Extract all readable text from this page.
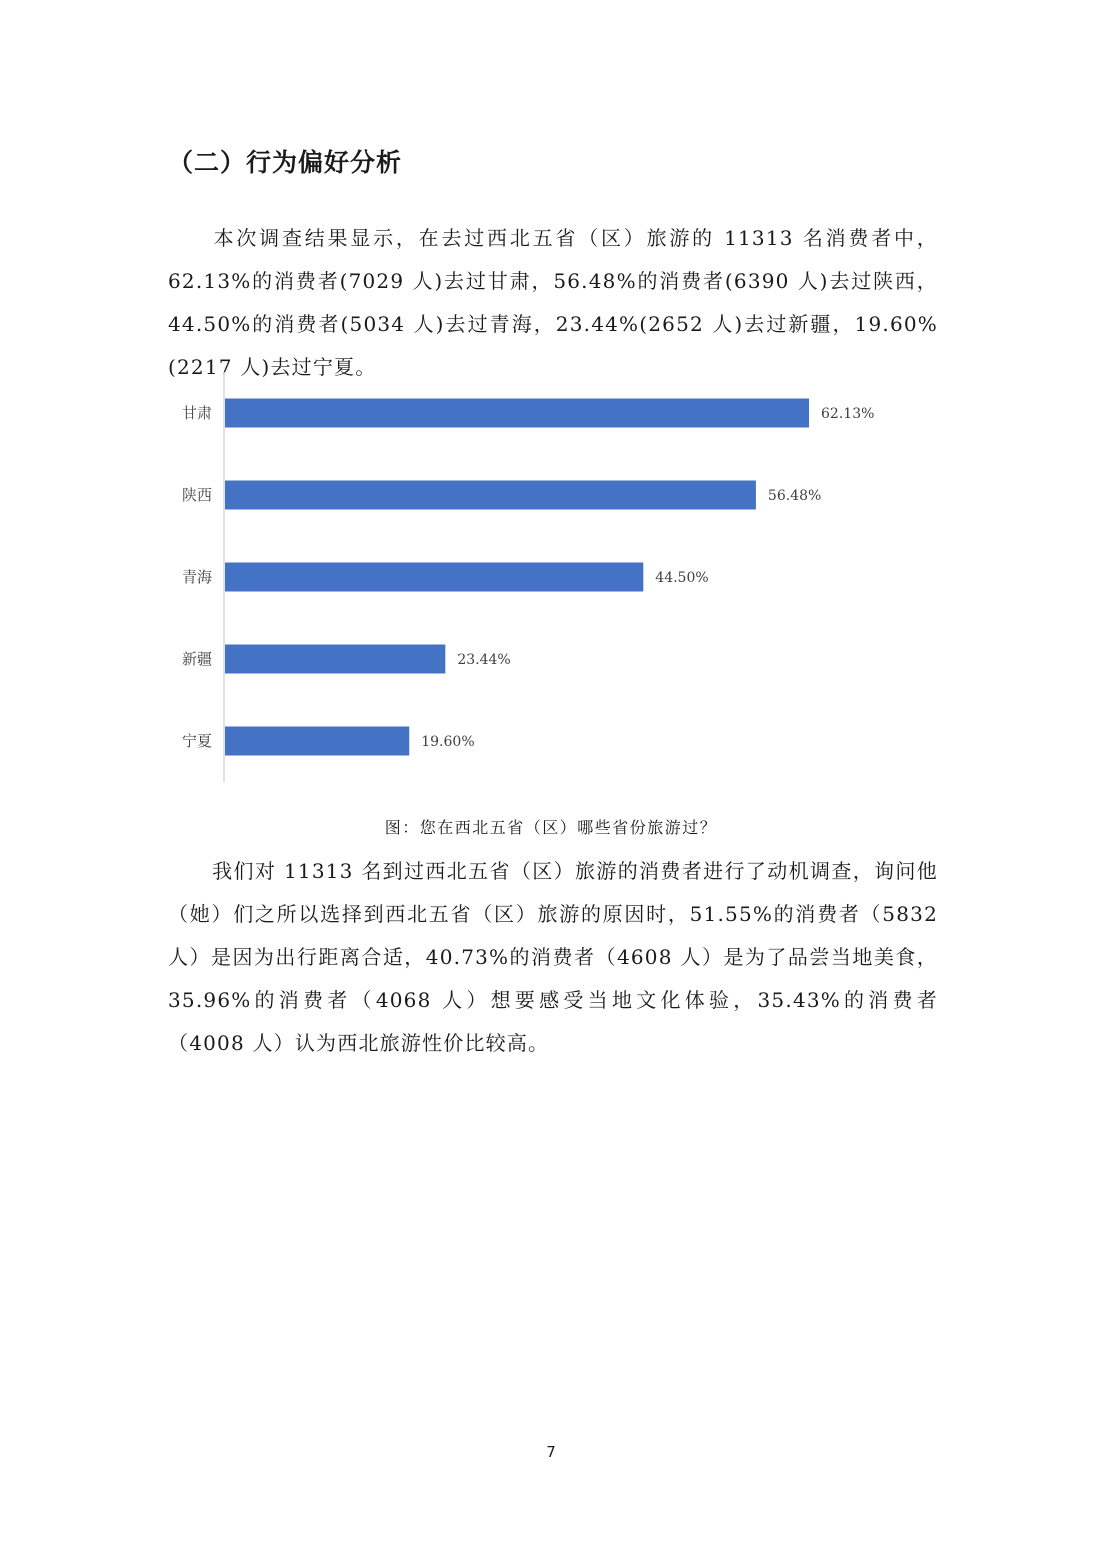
（二）行为偏好分析
本次调查结果显示，在去过西北五省（区）旅游的 11313 名消费者中，62.13%的消费者(7029 人)去过甘肃，56.48%的消费者(6390 人)去过陕西，44.50%的消费者(5034 人)去过青海，23.44%(2652 人)去过新疆，19.60%(2217 人)去过宁夏。
甘肃	62.13%
陕西	56.48%
青海	44.50%
新疆	23.44%
宁夏	19.60%
图：您在西北五省（区）哪些省份旅游过？
我们对 11313 名到过西北五省（区）旅游的消费者进行了动机调查，询问他（她）们之所以选择到西北五省（区）旅游的原因时，51.55%的消费者（5832人）是因为出行距离合适，40.73%的消费者（4608 人）是为了品尝当地美食，35.96%的消费者（4068 人）想要感受当地文化体验，35.43%的消费者（4008 人）认为西北旅游性价比较高。
7
